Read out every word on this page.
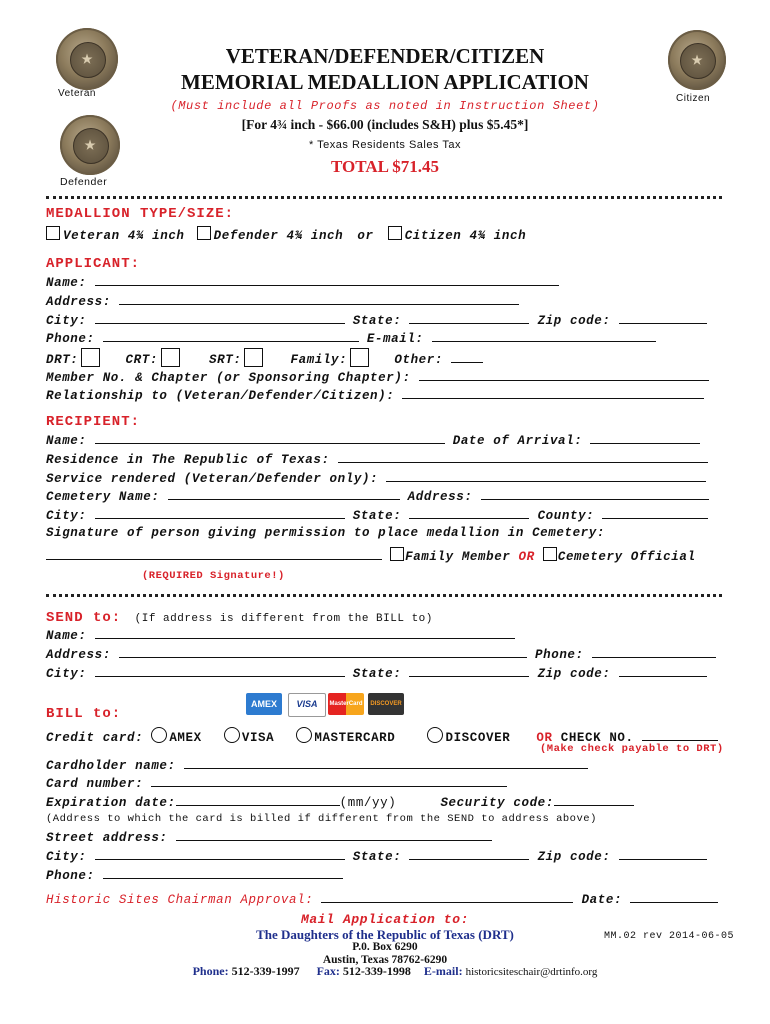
★
Veteran
★
Defender
★
Citizen
VETERAN/DEFENDER/CITIZEN
MEMORIAL MEDALLION APPLICATION
(Must include all Proofs as noted in Instruction Sheet)
[For 4¾ inch - $66.00 (includes S&H) plus $5.45*]
* Texas Residents Sales Tax
TOTAL $71.45
MEDALLION TYPE/SIZE:
Veteran 4¾ inch Defender 4¾ inch or Citizen 4¾ inch
APPLICANT:
Name:
Address:
City:	State:	Zip code:
Phone:	E-mail:
DRT:	CRT:	SRT:	Family:	Other:
Member No. & Chapter (or Sponsoring Chapter):
Relationship to (Veteran/Defender/Citizen):
RECIPIENT:
Name:	Date of Arrival:
Residence in The Republic of Texas:
Service rendered (Veteran/Defender only):
Cemetery Name:	Address:
City:	State:	County:
Signature of person giving permission to place medallion in Cemetery:
Family Member OR Cemetery Official
(REQUIRED Signature!)
SEND to: (If address is different from the BILL to)
Name:
Address:	Phone:
City:	State:	Zip code:
AMEX	VISA	MasterCard	DISCOVER
BILL to:
Credit card: AMEX	VISA	MASTERCARD	DISCOVER OR CHECK NO.
(Make check payable to DRT)
Cardholder name:
Card number:
Expiration date:	(mm/yy)	Security code:
(Address to which the card is billed if different from the SEND to address above)
Street address:
City:	State:	Zip code:
Phone:
Historic Sites Chairman Approval:	Date:
Mail Application to:
The Daughters of the Republic of Texas (DRT)
P.0. Box 6290
Austin, Texas 78762-6290
Phone: 512-339-1997 Fax: 512-339-1998 E-mail: historicsiteschair@drtinfo.org
MM.02 rev 2014-06-05
